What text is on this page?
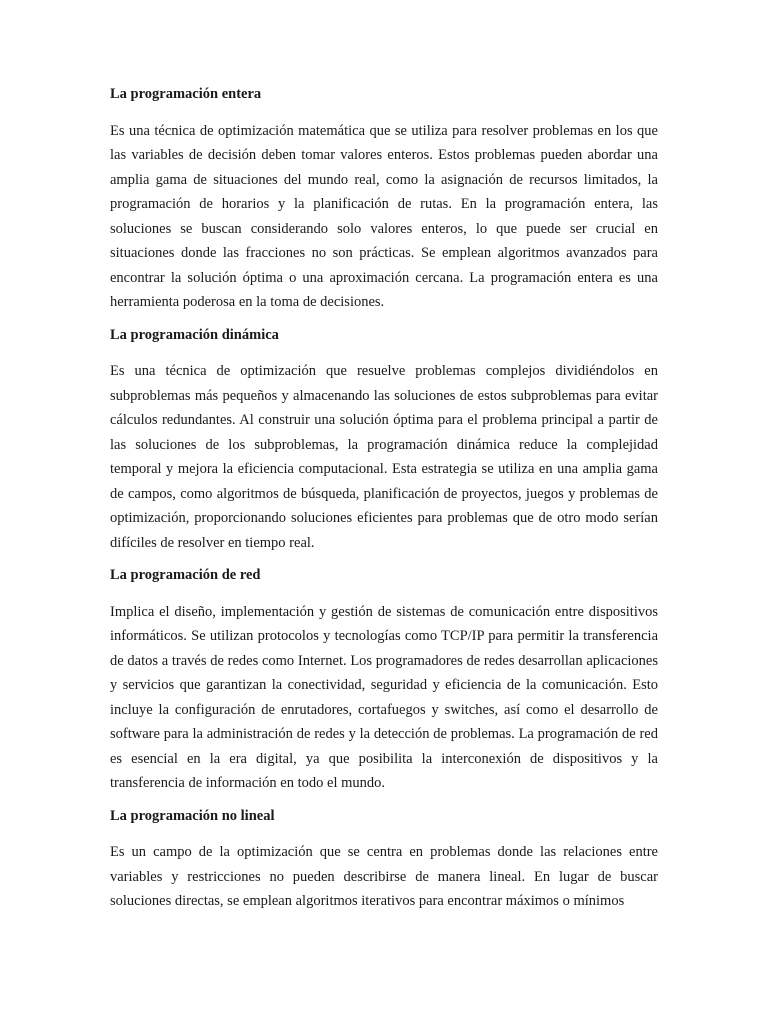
La programación entera

Es una técnica de optimización matemática que se utiliza para resolver problemas en los que las variables de decisión deben tomar valores enteros. Estos problemas pueden abordar una amplia gama de situaciones del mundo real, como la asignación de recursos limitados, la programación de horarios y la planificación de rutas. En la programación entera, las soluciones se buscan considerando solo valores enteros, lo que puede ser crucial en situaciones donde las fracciones no son prácticas. Se emplean algoritmos avanzados para encontrar la solución óptima o una aproximación cercana. La programación entera es una herramienta poderosa en la toma de decisiones.

La programación dinámica

Es una técnica de optimización que resuelve problemas complejos dividiéndolos en subproblemas más pequeños y almacenando las soluciones de estos subproblemas para evitar cálculos redundantes. Al construir una solución óptima para el problema principal a partir de las soluciones de los subproblemas, la programación dinámica reduce la complejidad temporal y mejora la eficiencia computacional. Esta estrategia se utiliza en una amplia gama de campos, como algoritmos de búsqueda, planificación de proyectos, juegos y problemas de optimización, proporcionando soluciones eficientes para problemas que de otro modo serían difíciles de resolver en tiempo real.

La programación de red

Implica el diseño, implementación y gestión de sistemas de comunicación entre dispositivos informáticos. Se utilizan protocolos y tecnologías como TCP/IP para permitir la transferencia de datos a través de redes como Internet. Los programadores de redes desarrollan aplicaciones y servicios que garantizan la conectividad, seguridad y eficiencia de la comunicación. Esto incluye la configuración de enrutadores, cortafuegos y switches, así como el desarrollo de software para la administración de redes y la detección de problemas. La programación de red es esencial en la era digital, ya que posibilita la interconexión de dispositivos y la transferencia de información en todo el mundo.

La programación no lineal

Es un campo de la optimización que se centra en problemas donde las relaciones entre variables y restricciones no pueden describirse de manera lineal. En lugar de buscar soluciones directas, se emplean algoritmos iterativos para encontrar máximos o mínimos
